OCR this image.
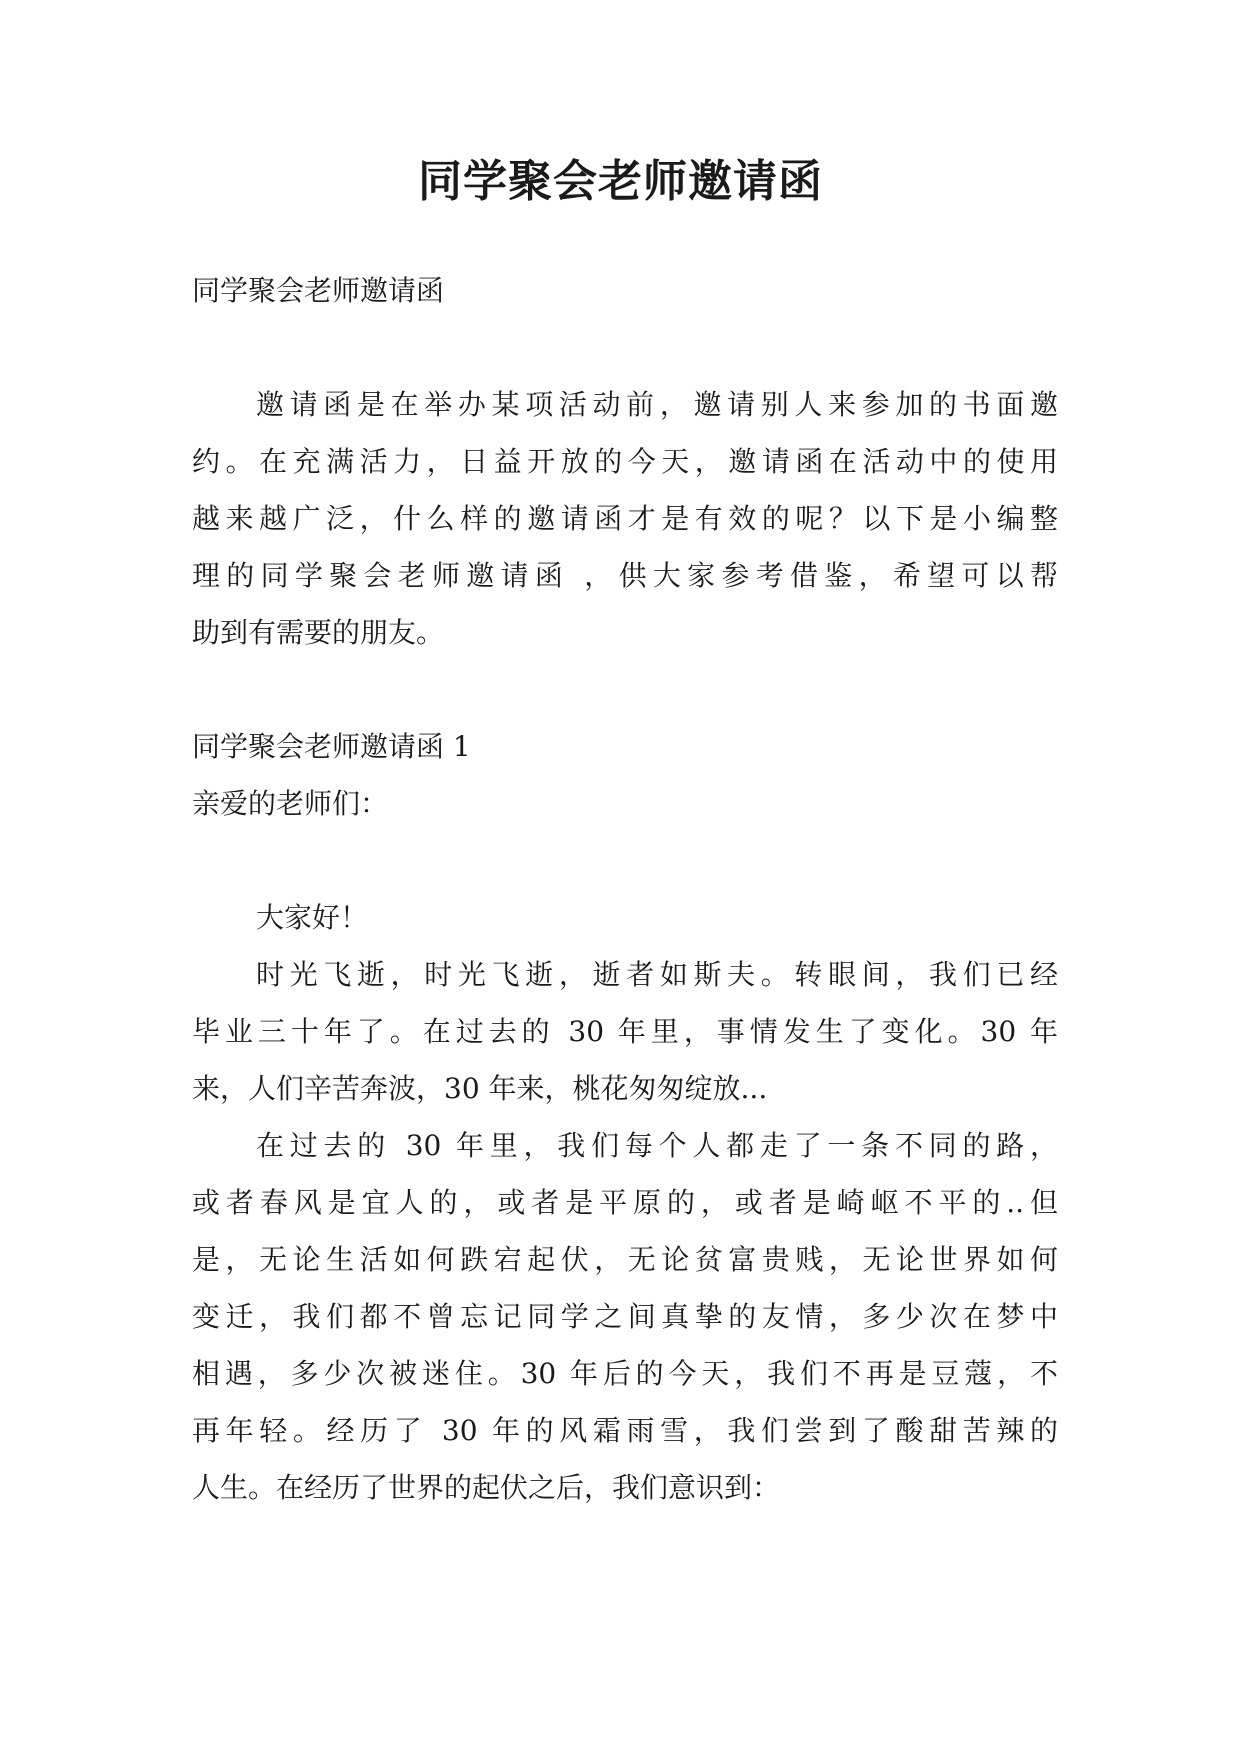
同学聚会老师邀请函

同学聚会老师邀请函

邀请函是在举办某项活动前，邀请别人来参加的书面邀

约。在充满活力，日益开放的今天，邀请函在活动中的使用

越来越广泛，什么样的邀请函才是有效的呢？以下是小编整

理的同学聚会老师邀请函 ，供大家参考借鉴，希望可以帮

助到有需要的朋友。

同学聚会老师邀请函 1

亲爱的老师们：

大家好！

时光飞逝，时光飞逝，逝者如斯夫。转眼间，我们已经

毕业三十年了。在过去的 30 年里，事情发生了变化。30 年

来，人们辛苦奔波，30 年来，桃花匆匆绽放...

在过去的 30 年里，我们每个人都走了一条不同的路，

或者春风是宜人的，或者是平原的，或者是崎岖不平的..但

是，无论生活如何跌宕起伏，无论贫富贵贱，无论世界如何

变迁，我们都不曾忘记同学之间真挚的友情，多少次在梦中

相遇，多少次被迷住。30 年后的今天，我们不再是豆蔻，不

再年轻。经历了 30 年的风霜雨雪，我们尝到了酸甜苦辣的

人生。在经历了世界的起伏之后，我们意识到：
